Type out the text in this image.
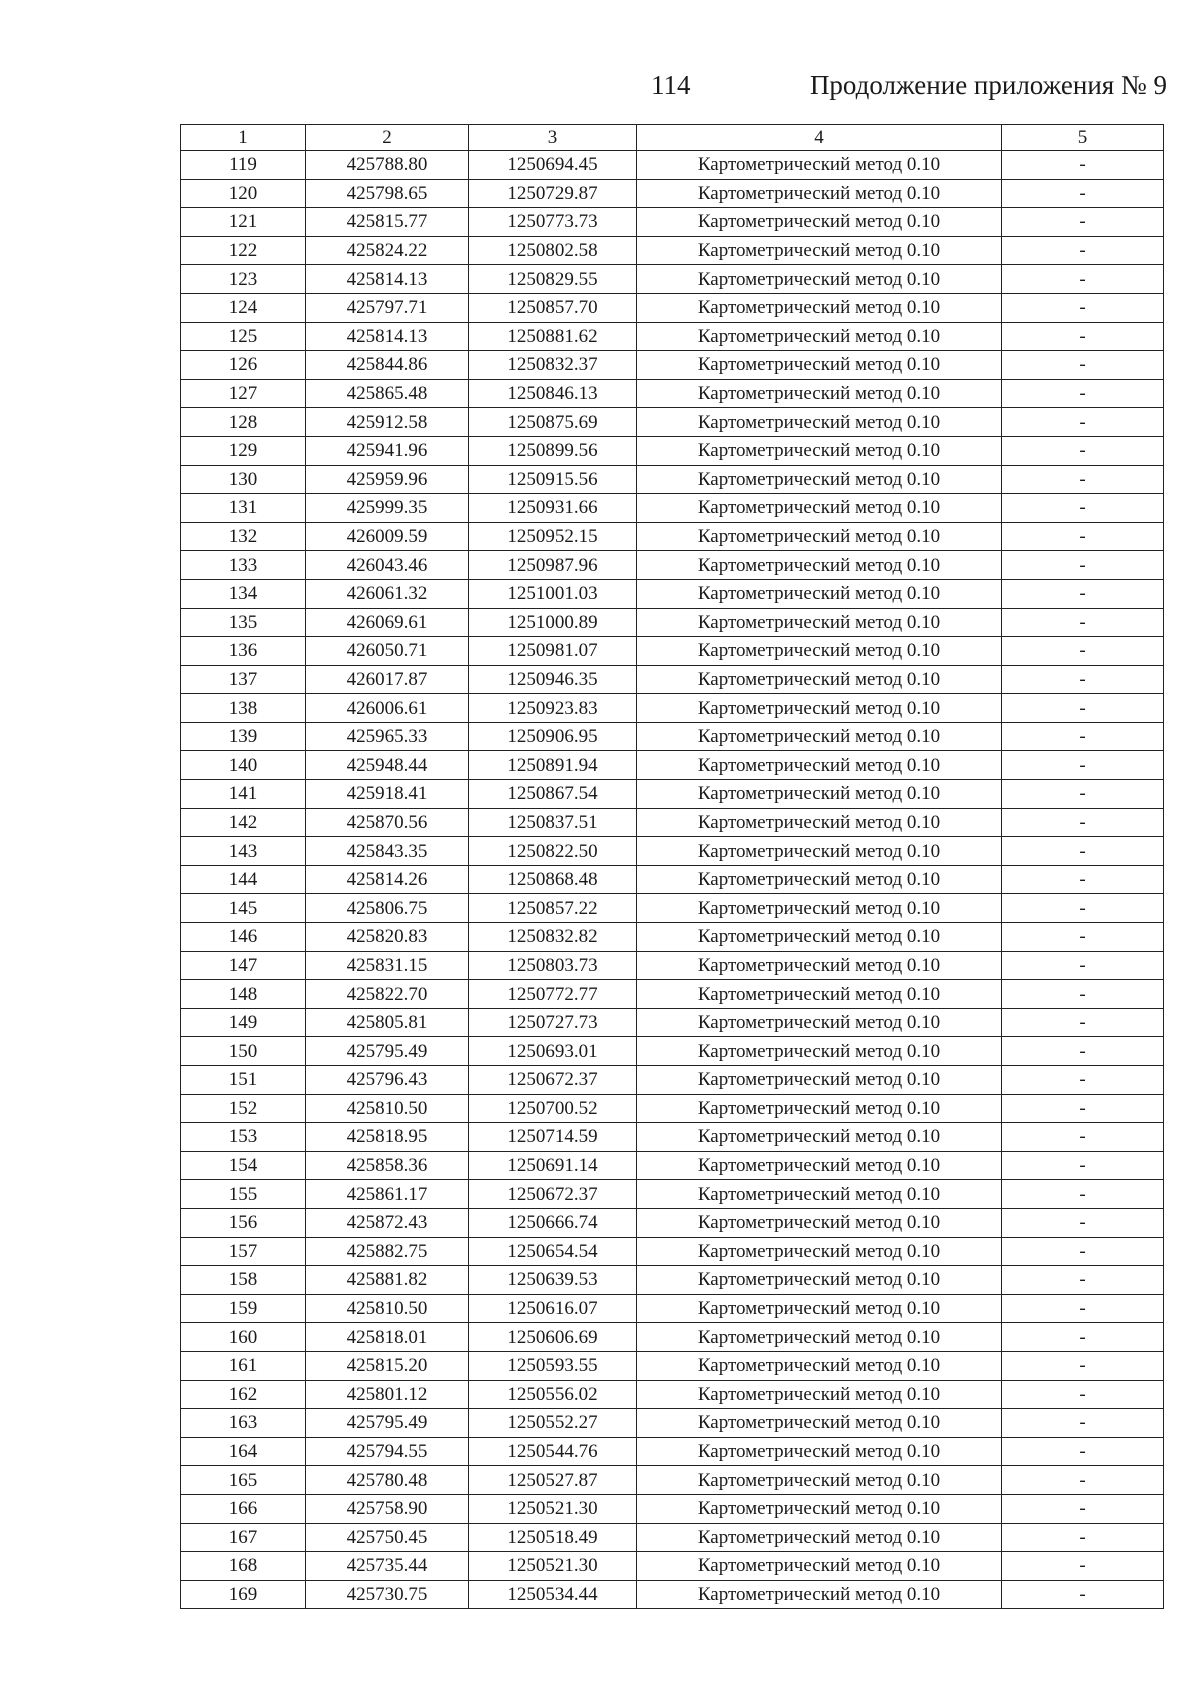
114	Продолжение приложения № 9
1	2	3	4	5
119	425788.80	1250694.45	Картометрический метод 0.10	-
120	425798.65	1250729.87	Картометрический метод 0.10	-
121	425815.77	1250773.73	Картометрический метод 0.10	-
122	425824.22	1250802.58	Картометрический метод 0.10	-
123	425814.13	1250829.55	Картометрический метод 0.10	-
124	425797.71	1250857.70	Картометрический метод 0.10	-
125	425814.13	1250881.62	Картометрический метод 0.10	-
126	425844.86	1250832.37	Картометрический метод 0.10	-
127	425865.48	1250846.13	Картометрический метод 0.10	-
128	425912.58	1250875.69	Картометрический метод 0.10	-
129	425941.96	1250899.56	Картометрический метод 0.10	-
130	425959.96	1250915.56	Картометрический метод 0.10	-
131	425999.35	1250931.66	Картометрический метод 0.10	-
132	426009.59	1250952.15	Картометрический метод 0.10	-
133	426043.46	1250987.96	Картометрический метод 0.10	-
134	426061.32	1251001.03	Картометрический метод 0.10	-
135	426069.61	1251000.89	Картометрический метод 0.10	-
136	426050.71	1250981.07	Картометрический метод 0.10	-
137	426017.87	1250946.35	Картометрический метод 0.10	-
138	426006.61	1250923.83	Картометрический метод 0.10	-
139	425965.33	1250906.95	Картометрический метод 0.10	-
140	425948.44	1250891.94	Картометрический метод 0.10	-
141	425918.41	1250867.54	Картометрический метод 0.10	-
142	425870.56	1250837.51	Картометрический метод 0.10	-
143	425843.35	1250822.50	Картометрический метод 0.10	-
144	425814.26	1250868.48	Картометрический метод 0.10	-
145	425806.75	1250857.22	Картометрический метод 0.10	-
146	425820.83	1250832.82	Картометрический метод 0.10	-
147	425831.15	1250803.73	Картометрический метод 0.10	-
148	425822.70	1250772.77	Картометрический метод 0.10	-
149	425805.81	1250727.73	Картометрический метод 0.10	-
150	425795.49	1250693.01	Картометрический метод 0.10	-
151	425796.43	1250672.37	Картометрический метод 0.10	-
152	425810.50	1250700.52	Картометрический метод 0.10	-
153	425818.95	1250714.59	Картометрический метод 0.10	-
154	425858.36	1250691.14	Картометрический метод 0.10	-
155	425861.17	1250672.37	Картометрический метод 0.10	-
156	425872.43	1250666.74	Картометрический метод 0.10	-
157	425882.75	1250654.54	Картометрический метод 0.10	-
158	425881.82	1250639.53	Картометрический метод 0.10	-
159	425810.50	1250616.07	Картометрический метод 0.10	-
160	425818.01	1250606.69	Картометрический метод 0.10	-
161	425815.20	1250593.55	Картометрический метод 0.10	-
162	425801.12	1250556.02	Картометрический метод 0.10	-
163	425795.49	1250552.27	Картометрический метод 0.10	-
164	425794.55	1250544.76	Картометрический метод 0.10	-
165	425780.48	1250527.87	Картометрический метод 0.10	-
166	425758.90	1250521.30	Картометрический метод 0.10	-
167	425750.45	1250518.49	Картометрический метод 0.10	-
168	425735.44	1250521.30	Картометрический метод 0.10	-
169	425730.75	1250534.44	Картометрический метод 0.10	-
